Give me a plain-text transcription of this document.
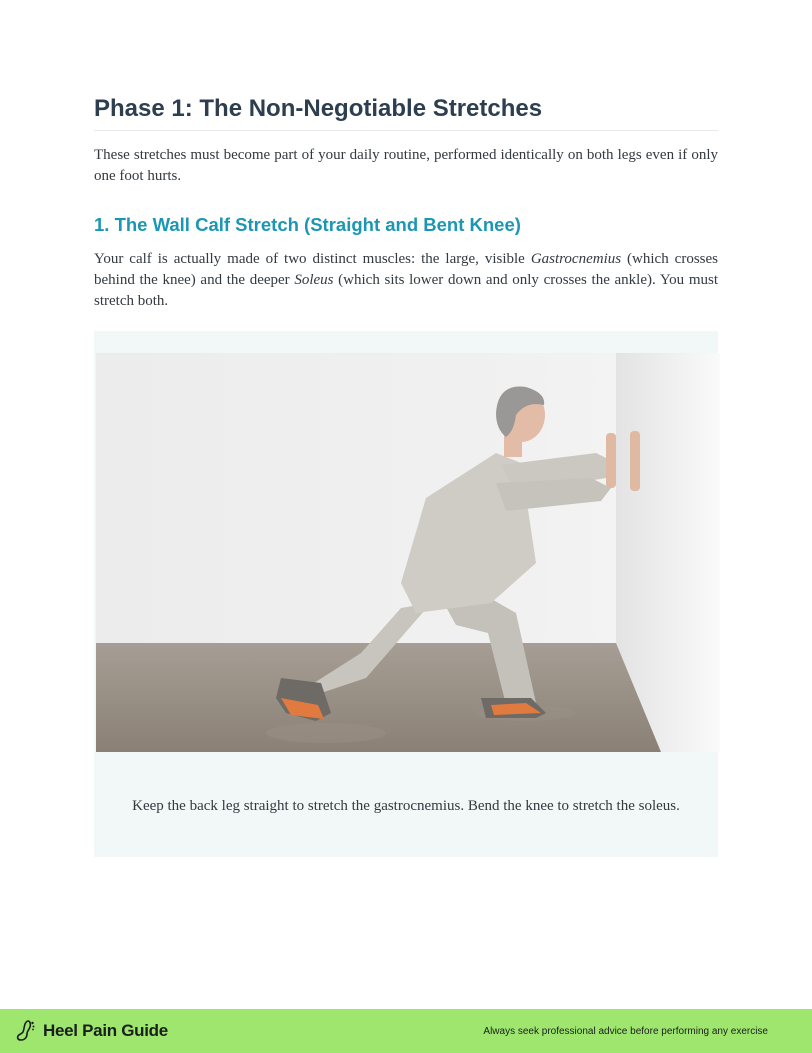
Phase 1: The Non-Negotiable Stretches

These stretches must become part of your daily routine, performed identically on both legs even if only one foot hurts.

1. The Wall Calf Stretch (Straight and Bent Knee)

Your calf is actually made of two distinct muscles: the large, visible Gastrocnemius (which crosses behind the knee) and the deeper Soleus (which sits lower down and only crosses the ankle). You must stretch both.

Keep the back leg straight to stretch the gastrocnemius. Bend the knee to stretch the soleus.
Heel Pain Guide	Always seek professional advice before performing any exercise
